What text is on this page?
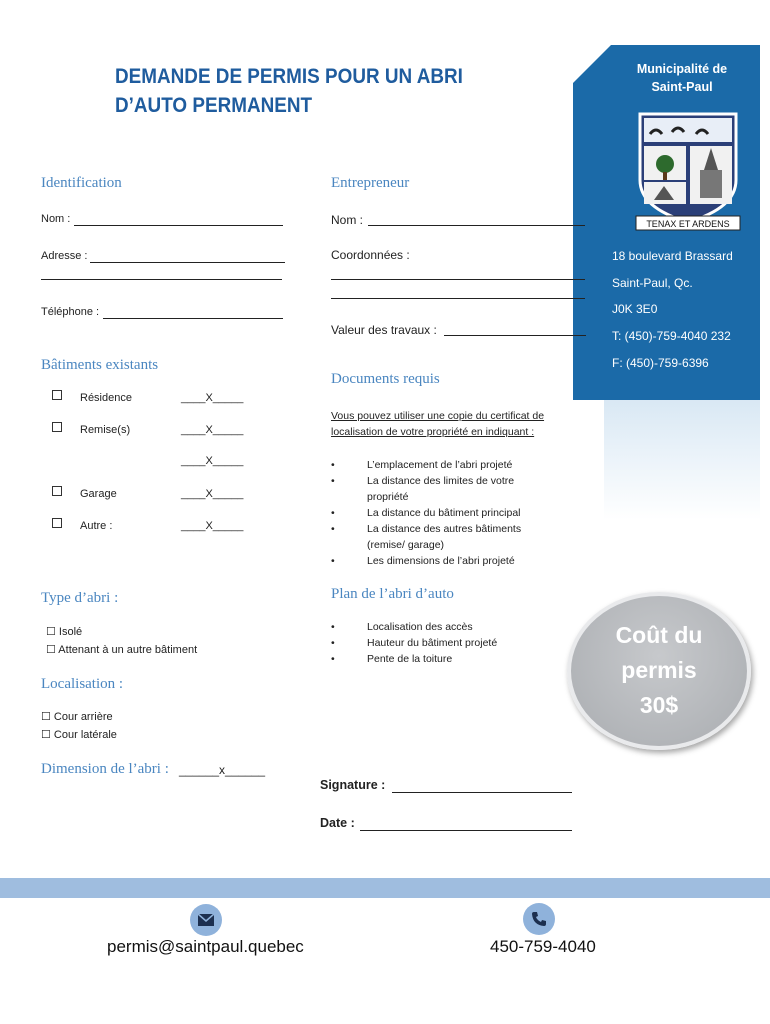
DEMANDE DE PERMIS POUR UN ABRI
D’AUTO PERMANENT
Municipalité de
Saint-Paul
TENAX ET ARDENS
18 boulevard Brassard
Saint-Paul, Qc.
J0K 3E0
T: (450)-759-4040 232
F: (450)-759-6396
Identification
Nom :
Adresse :
Téléphone :
Entrepreneur
Nom :
Coordonnées :
Valeur des travaux :
Bâtiments existants
Résidence	____X_____
Remise(s)	____X_____
____X_____
Garage	____X_____
Autre :	____X_____
Documents requis
Vous pouvez utiliser une copie du certificat de
localisation de votre propriété en indiquant :
•	L’emplacement de l’abri projeté
•	La distance des limites de votre
propriété
•	La distance du bâtiment principal
•	La distance des autres bâtiments
(remise/ garage)
•	Les dimensions de l’abri projeté
Type d’abri :
☐ Isolé
☐ Attenant à un autre bâtiment
Plan de l’abri d’auto
•	Localisation des accès
•	Hauteur du bâtiment projeté
•	Pente de la toiture
Coût du
permis
30$
Localisation :
☐ Cour arrière
☐ Cour latérale
Dimension de l’abri : ______x______
Signature :
Date :
permis@saintpaul.quebec	450-759-4040
